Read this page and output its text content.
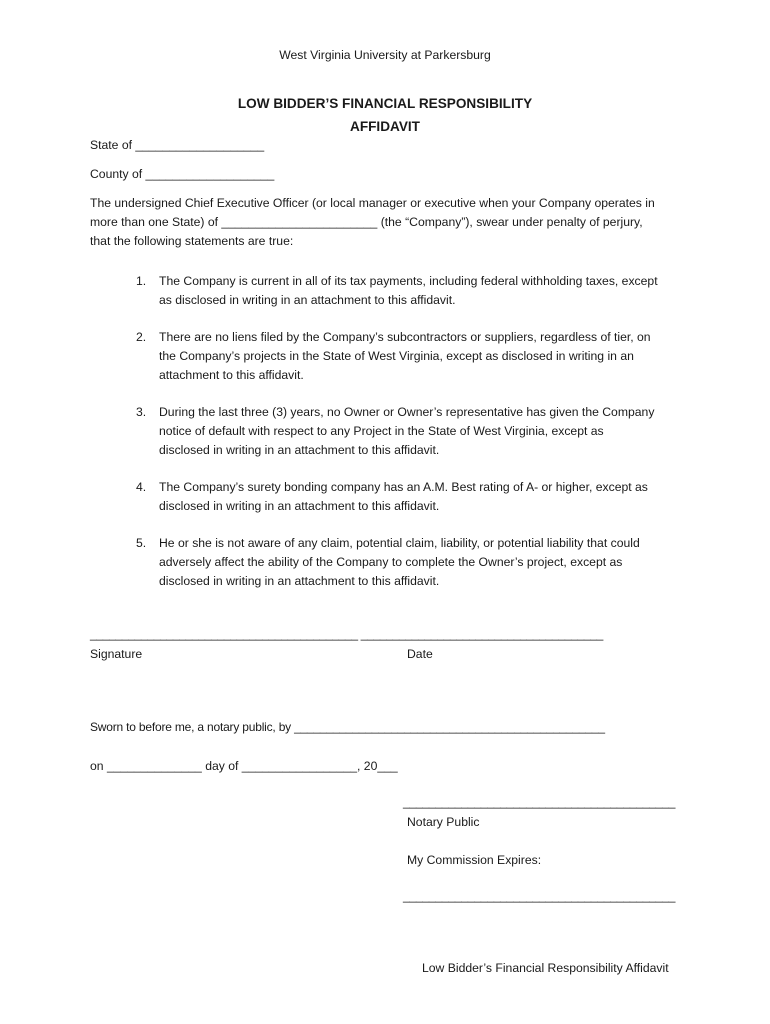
West Virginia University at Parkersburg
LOW BIDDER’S FINANCIAL RESPONSIBILITY
AFFIDAVIT
State of ___________________
County of ___________________
The undersigned Chief Executive Officer (or local manager or executive when your Company operates in
more than one State) of _______________________ (the “Company”), swear under penalty of perjury,
that the following statements are true:
1. The Company is current in all of its tax payments, including federal withholding taxes, except
as disclosed in writing in an attachment to this affidavit.
2. There are no liens filed by the Company’s subcontractors or suppliers, regardless of tier, on
the Company’s projects in the State of West Virginia, except as disclosed in writing in an
attachment to this affidavit.
3. During the last three (3) years, no Owner or Owner’s representative has given the Company
notice of default with respect to any Project in the State of West Virginia, except as
disclosed in writing in an attachment to this affidavit.
4. The Company’s surety bonding company has an A.M. Best rating of A- or higher, except as
disclosed in writing in an attachment to this affidavit.
5. He or she is not aware of any claim, potential claim, liability, or potential liability that could
adversely affect the ability of the Company to complete the Owner’s project, except as
disclosed in writing in an attachment to this affidavit.
__________________________________________ ______________________________________
Signature	Date
Sworn to before me, a notary public, by ________________________________________________
on ______________ day of _________________, 20___
__________________________________________
Notary Public
My Commission Expires:
__________________________________________
Low Bidder’s Financial Responsibility Affidavit
